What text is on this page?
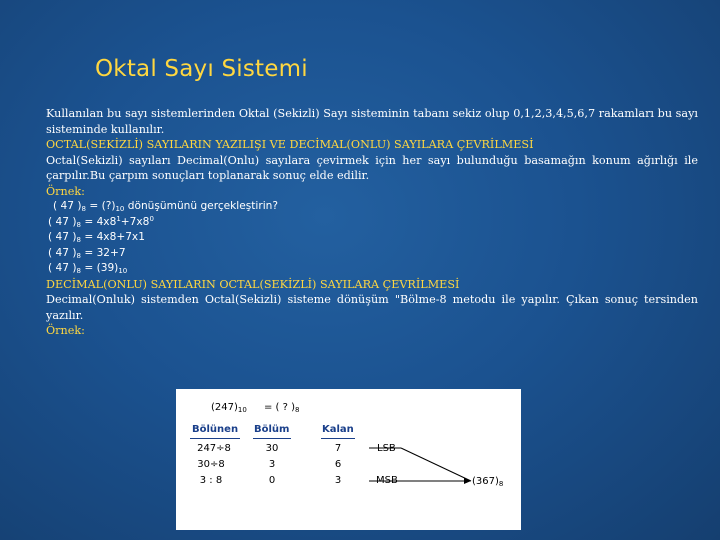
Oktal Sayı Sistemi

Kullanılan bu sayı sistemlerinden Oktal (Sekizli) Sayı sisteminin tabanı sekiz olup 0,1,2,3,4,5,6,7 rakamları bu sayı sisteminde kullanılır.

OCTAL(SEKİZLİ) SAYILARIN YAZILIŞI VE DECİMAL(ONLU) SAYILARA ÇEVRİLMESİ

Octal(Sekizli) sayıları Decimal(Onlu) sayılara çevirmek için her sayı bulunduğu basamağın konum ağırlığı ile çarpılır.Bu çarpım sonuçları toplanarak sonuç elde edilir.

Örnek:

( 47 )$_8$ = $(?)_{10}$ dönüşümünü gerçekleştirin?

( 47 )$_8 = 4x8^1+7x8^0$

( 47 )$_8 = 4x8+7x1$

( 47 )$_8 = 32+7$

( 47 )$_8 = (39)_{10}$

DECİMAL(ONLU) SAYILARIN OCTAL(SEKİZLİ) SAYILARA ÇEVRİLMESİ

Decimal(Onluk) sistemden Octal(Sekizli) sisteme dönüşüm "Bölme-8 metodu ile yapılır. Çıkan sonuç tersinden yazılır.

Örnek:

$(247)_{10}$ = ( ? )$_8$
Bölünen Bölüm	Kalan
247÷8	30	7
30÷8	3	6
3 : 8	0	3
LSB
MSB	$(367)_8$
